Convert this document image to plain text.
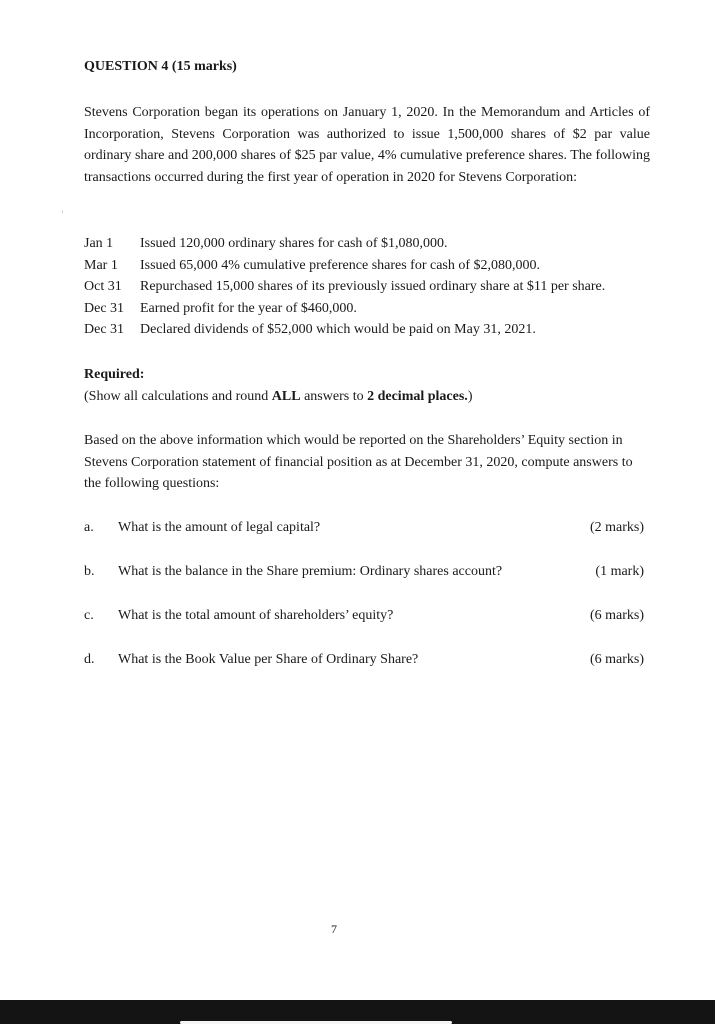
QUESTION 4 (15 marks)
Stevens Corporation began its operations on January 1, 2020. In the Memorandum and Articles of Incorporation, Stevens Corporation was authorized to issue 1,500,000 shares of $2 par value ordinary share and 200,000 shares of $25 par value, 4% cumulative preference shares. The following transactions occurred during the first year of operation in 2020 for Stevens Corporation:
Jan 1	Issued 120,000 ordinary shares for cash of $1,080,000.
Mar 1	Issued 65,000 4% cumulative preference shares for cash of $2,080,000.
Oct 31	Repurchased 15,000 shares of its previously issued ordinary share at $11 per share.
Dec 31	Earned profit for the year of $460,000.
Dec 31	Declared dividends of $52,000 which would be paid on May 31, 2021.
Required:
(Show all calculations and round ALL answers to 2 decimal places.)
Based on the above information which would be reported on the Shareholders’ Equity section in Stevens Corporation statement of financial position as at December 31, 2020, compute answers to the following questions:
a. What is the amount of legal capital?	(2 marks)
b. What is the balance in the Share premium: Ordinary shares account?	(1 mark)
c. What is the total amount of shareholders’ equity?	(6 marks)
d. What is the Book Value per Share of Ordinary Share?	(6 marks)
7
